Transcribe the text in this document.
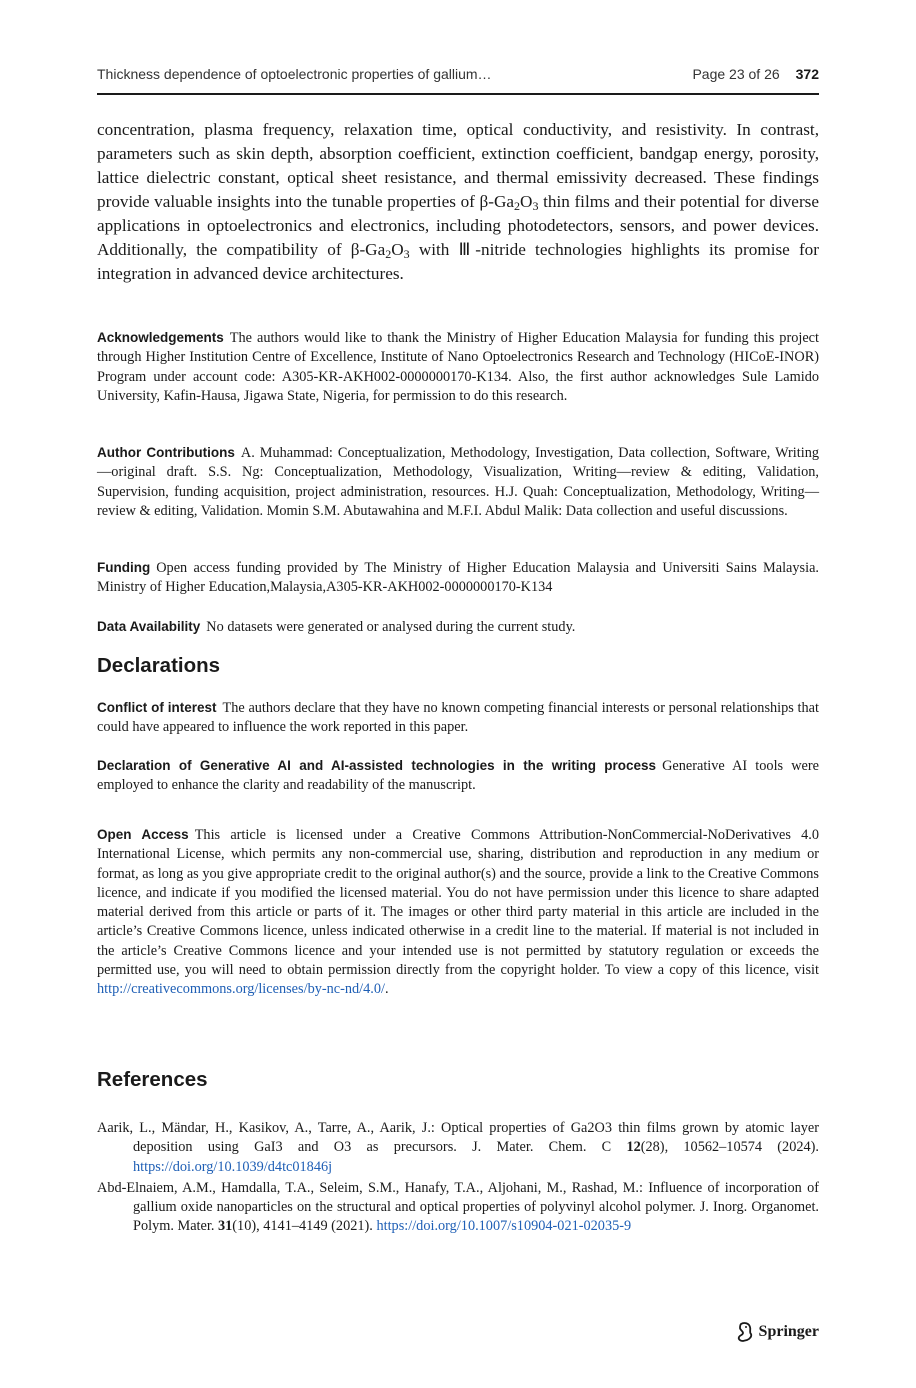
Thickness dependence of optoelectronic properties of gallium…	Page 23 of 26 372

concentration, plasma frequency, relaxation time, optical conductivity, and resistivity. In contrast, parameters such as skin depth, absorption coefficient, extinction coefficient, bandgap energy, porosity, lattice dielectric constant, optical sheet resistance, and thermal emissivity decreased. These findings provide valuable insights into the tunable properties of $\beta-Ga_2O_3$ thin films and their potential for diverse applications in optoelectronics and electronics, including photodetectors, sensors, and power devices. Additionally, the compatibility of $\beta-Ga_2O_3$ with Ⅲ-nitride technologies highlights its promise for integration in advanced device architectures.

Acknowledgements The authors would like to thank the Ministry of Higher Education Malaysia for funding this project through Higher Institution Centre of Excellence, Institute of Nano Optoelectronics Research and Technology (HICoE-INOR) Program under account code: A305-KR-AKH002-0000000170-K134. Also, the first author acknowledges Sule Lamido University, Kafin-Hausa, Jigawa State, Nigeria, for permission to do this research.

Author Contributions A. Muhammad: Conceptualization, Methodology, Investigation, Data collection, Software, Writing—original draft. S.S. Ng: Conceptualization, Methodology, Visualization, Writing—review & editing, Validation, Supervision, funding acquisition, project administration, resources. H.J. Quah: Conceptualization, Methodology, Writing—review & editing, Validation. Momin S.M. Abutawahina and M.F.I. Abdul Malik: Data collection and useful discussions.

Funding Open access funding provided by The Ministry of Higher Education Malaysia and Universiti Sains Malaysia. Ministry of Higher Education,Malaysia,A305-KR-AKH002-0000000170-K134

Data Availability No datasets were generated or analysed during the current study.

Declarations

Conflict of interest The authors declare that they have no known competing financial interests or personal relationships that could have appeared to influence the work reported in this paper.

Declaration of Generative AI and AI-assisted technologies in the writing process Generative AI tools were employed to enhance the clarity and readability of the manuscript.

Open Access This article is licensed under a Creative Commons Attribution-NonCommercial-NoDerivatives 4.0 International License, which permits any non-commercial use, sharing, distribution and reproduction in any medium or format, as long as you give appropriate credit to the original author(s) and the source, provide a link to the Creative Commons licence, and indicate if you modified the licensed material. You do not have permission under this licence to share adapted material derived from this article or parts of it. The images or other third party material in this article are included in the article’s Creative Commons licence, unless indicated otherwise in a credit line to the material. If material is not included in the article’s Creative Commons licence and your intended use is not permitted by statutory regulation or exceeds the permitted use, you will need to obtain permission directly from the copyright holder. To view a copy of this licence, visit http://creativecommons.org/licenses/by-nc-nd/4.0/.

References
Aarik, L., Mändar, H., Kasikov, A., Tarre, A., Aarik, J.: Optical properties of Ga2O3 thin films grown by atomic layer deposition using GaI3 and O3 as precursors. J. Mater. Chem. C 12(28), 10562–10574 (2024). https://doi.org/10.1039/d4tc01846j
Abd-Elnaiem, A.M., Hamdalla, T.A., Seleim, S.M., Hanafy, T.A., Aljohani, M., Rashad, M.: Influence of incorporation of gallium oxide nanoparticles on the structural and optical properties of polyvinyl alcohol polymer. J. Inorg. Organomet. Polym. Mater. 31(10), 4141–4149 (2021). https://doi.org/10.1007/s10904-021-02035-9
Springer
